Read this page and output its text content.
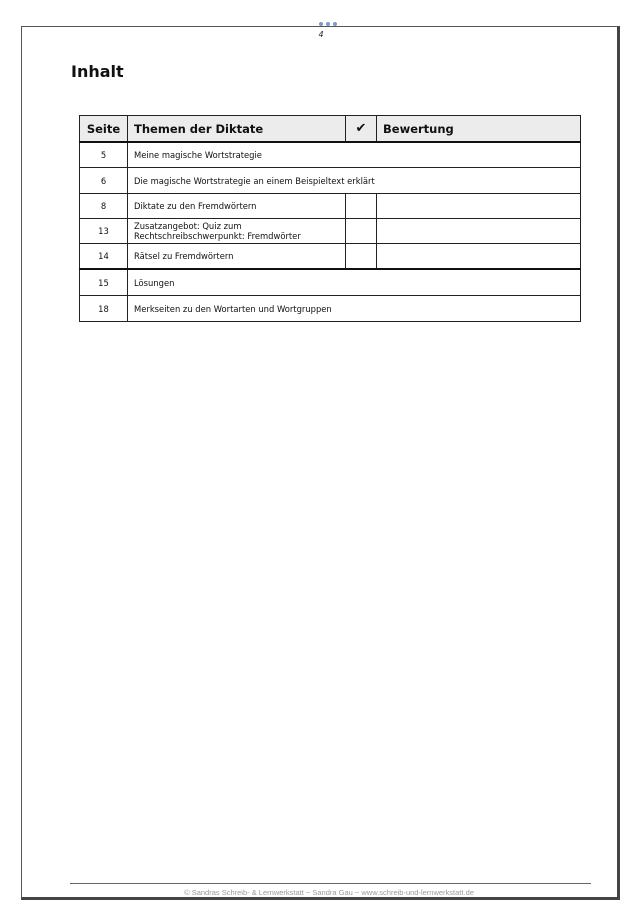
4
Inhalt
Seite	Themen der Diktate	✔	Bewertung
5	Meine magische Wortstrategie		
6	Die magische Wortstrategie an einem Beispieltext erklärt		
8	Diktate zu den Fremdwörtern		
13	Zusatzangebot: Quiz zum
Rechtschreibschwerpunkt: Fremdwörter		

14	Rätsel zu Fremdwörtern		
15	Lösungen		
18	Merkseiten zu den Wortarten und Wortgruppen		
© Sandras Schreib- & Lernwerkstatt ~ Sandra Gau ~ www.schreib-und-lernwerkstatt.de
